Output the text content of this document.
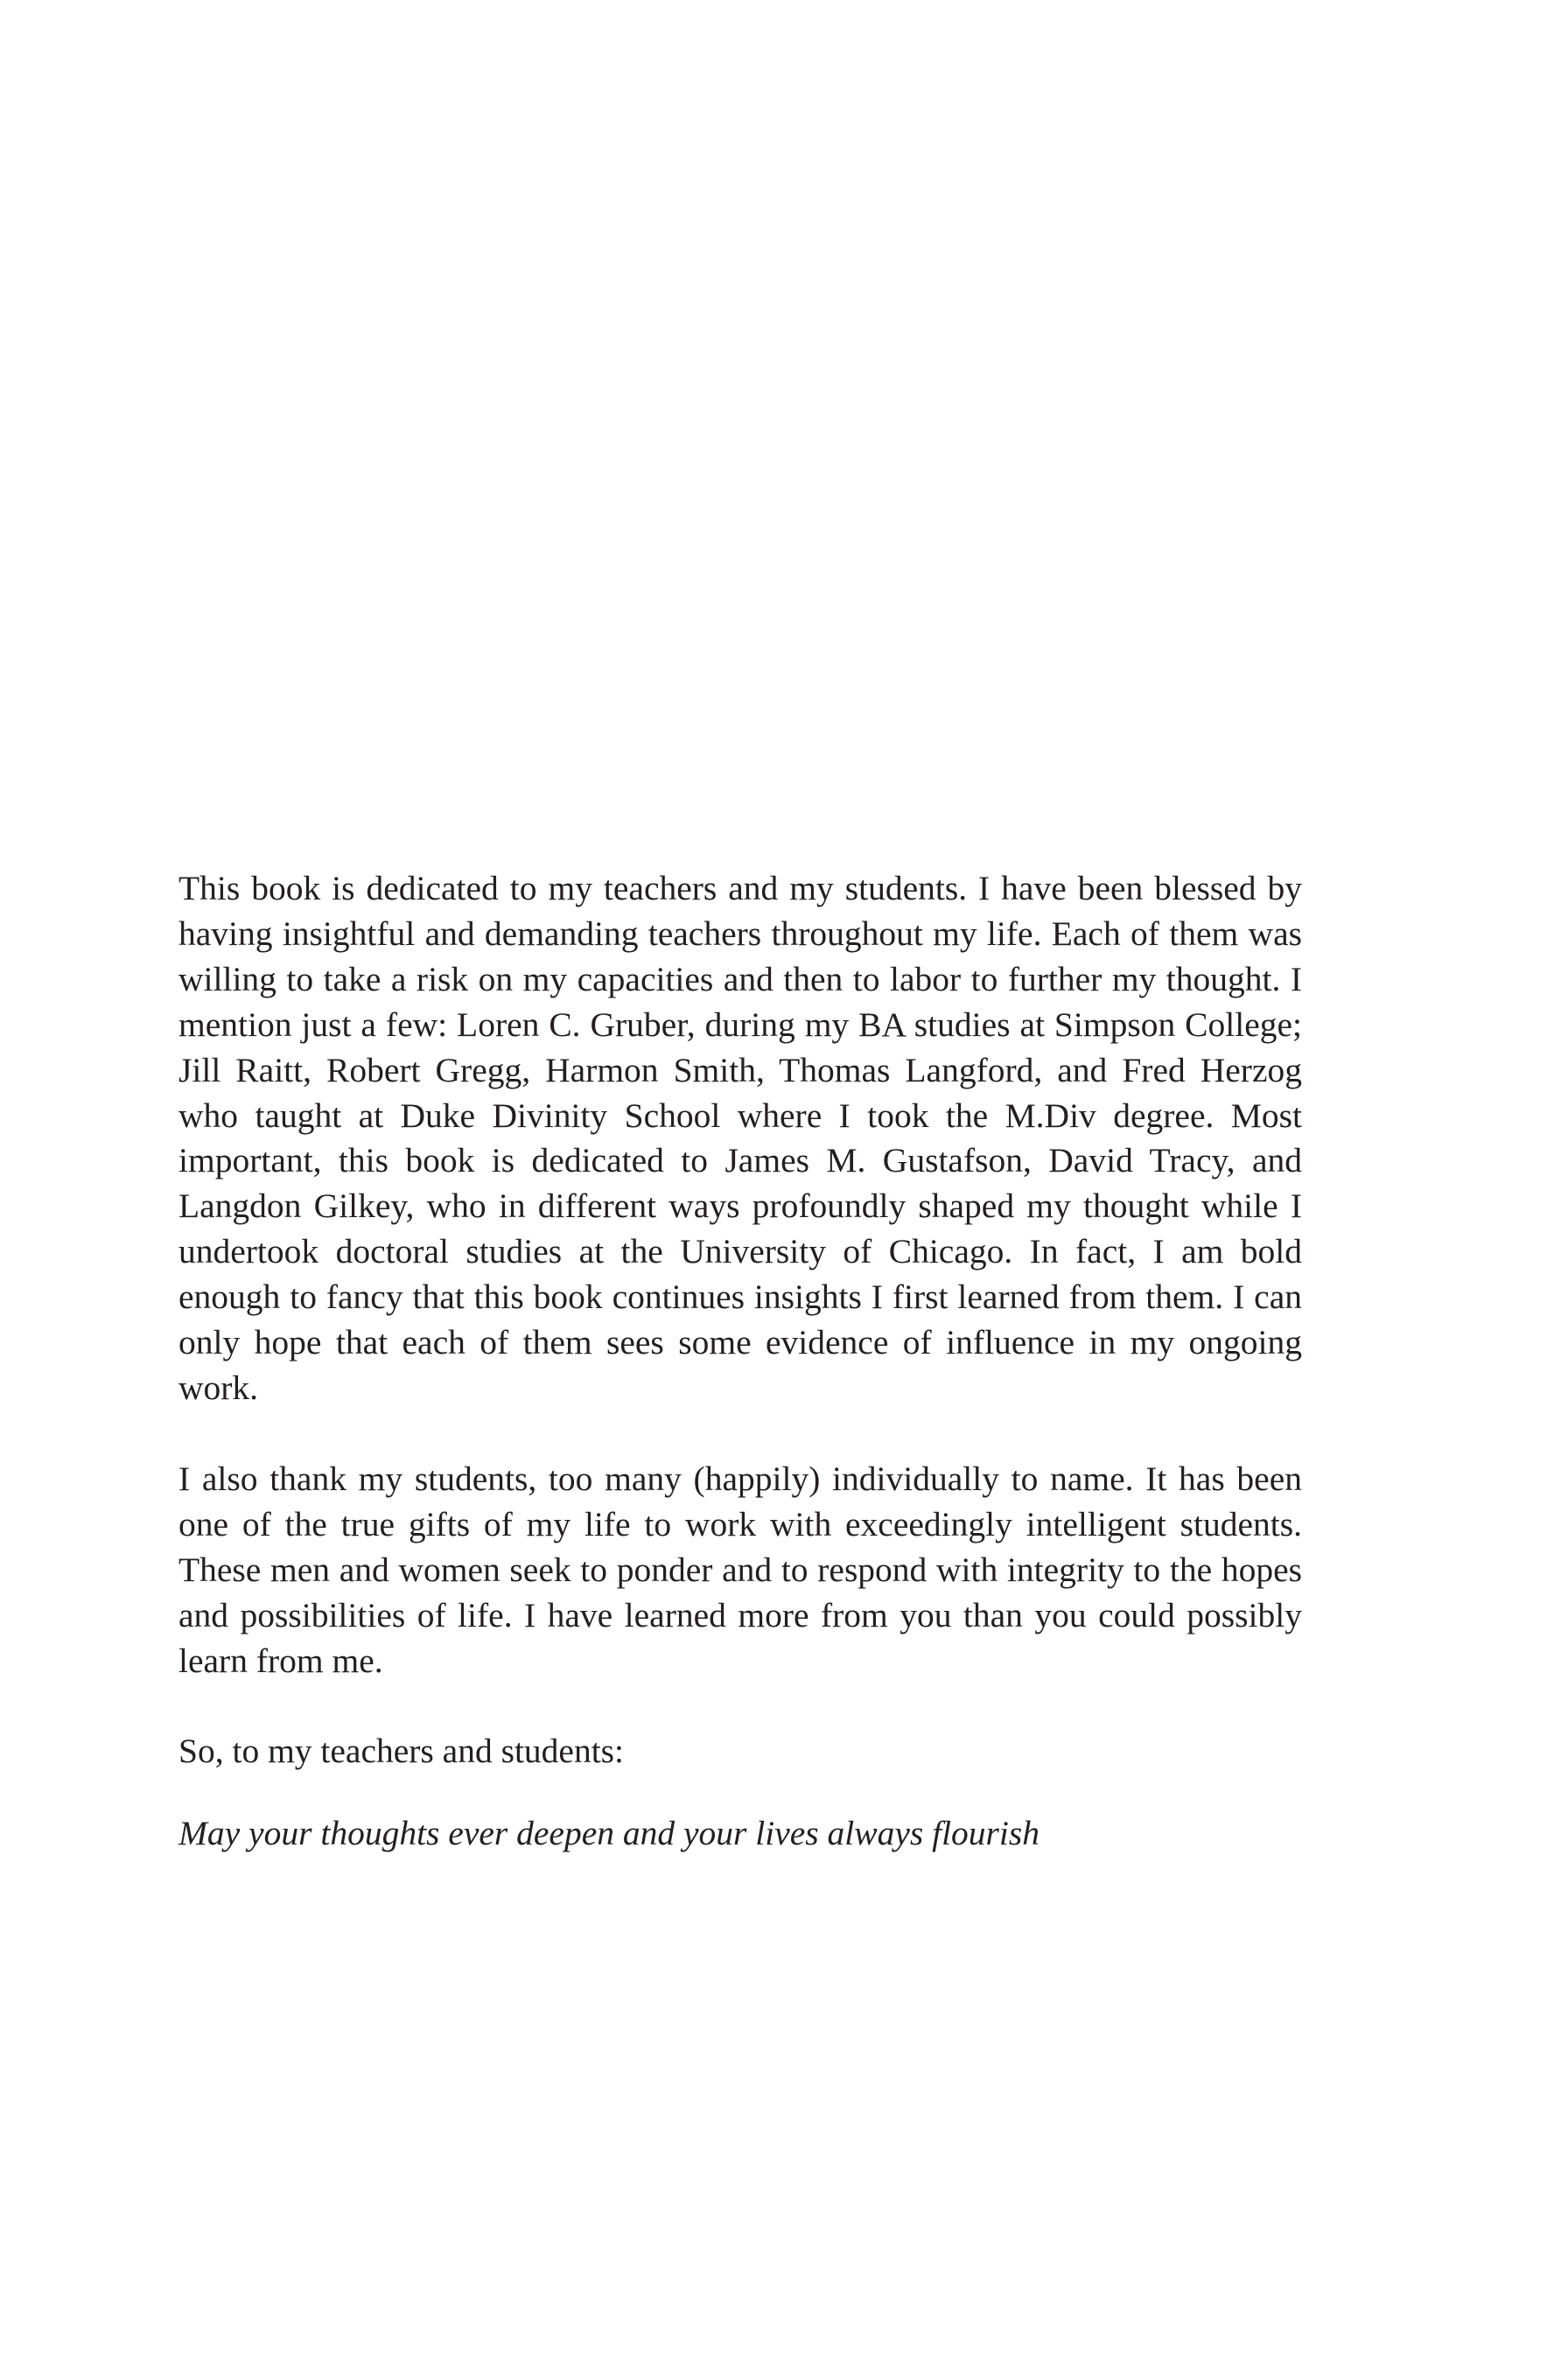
This book is dedicated to my teachers and my students. I have been blessed by having insightful and demanding teachers throughout my life. Each of them was willing to take a risk on my capacities and then to labor to further my thought. I mention just a few: Loren C. Gruber, during my BA studies at Simpson College; Jill Raitt, Robert Gregg, Harmon Smith, Thomas Langford, and Fred Herzog who taught at Duke Divinity School where I took the M.Div degree. Most important, this book is dedicated to James M. Gustafson, David Tracy, and Langdon Gilkey, who in different ways profoundly shaped my thought while I undertook doctoral studies at the University of Chicago. In fact, I am bold enough to fancy that this book continues insights I first learned from them. I can only hope that each of them sees some evidence of influence in my ongoing work.

I also thank my students, too many (happily) individually to name. It has been one of the true gifts of my life to work with exceedingly intelligent students. These men and women seek to ponder and to respond with integrity to the hopes and possibilities of life. I have learned more from you than you could possibly learn from me.

So, to my teachers and students:

May your thoughts ever deepen and your lives always flourish
